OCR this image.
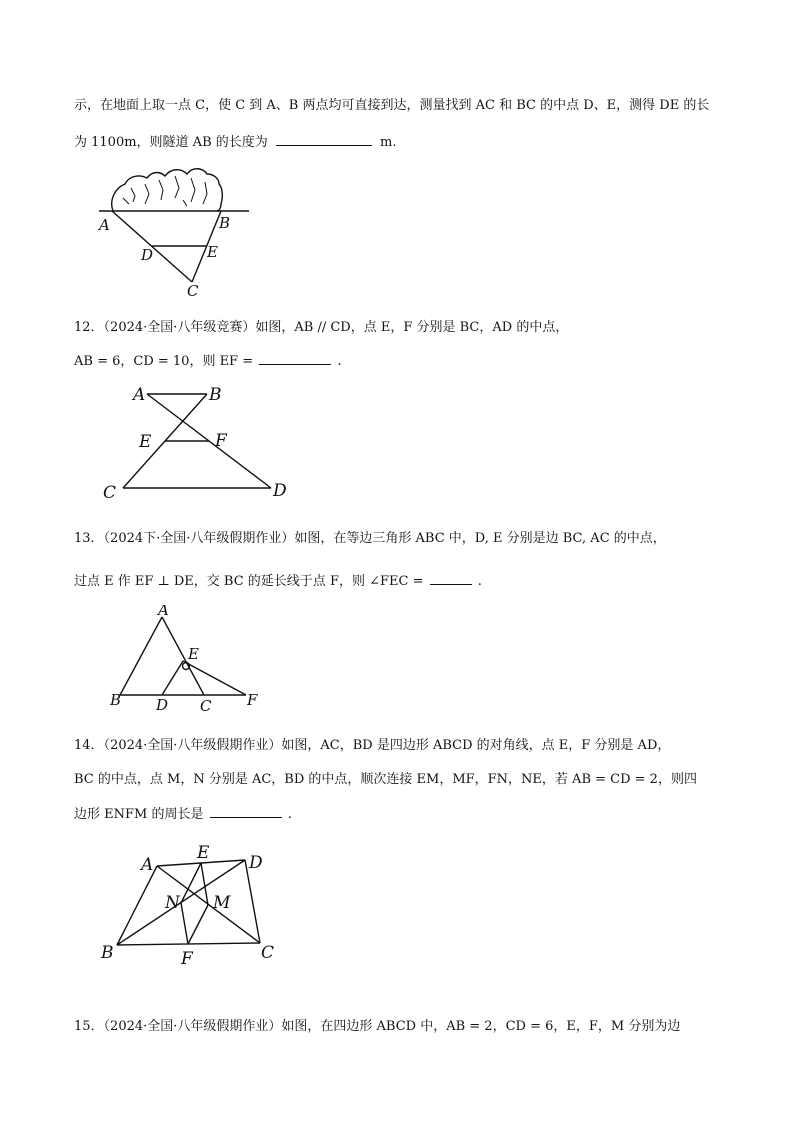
示，在地面上取一点 C，使 C 到 A、B 两点均可直接到达，测量找到 AC 和 BC 的中点 D、E，测得 DE 的长
为 1100m，则隧道 AB 的长度为	m.
A	B
D	E
C
12．（2024·全国·八年级竞赛）如图，AB // CD，点 E，F 分别是 BC，AD 的中点，
AB = 6，CD = 10，则 EF =	.
A	B
E	F
C	D
13．（2024下·全国·八年级假期作业）如图，在等边三角形 ABC 中，D, E 分别是边 BC, AC 的中点，
过点 E 作 EF ⊥ DE，交 BC 的延长线于点 F，则 ∠FEC =	.
A
E
B D C F
14．（2024·全国·八年级假期作业）如图，AC，BD 是四边形 ABCD 的对角线，点 E，F 分别是 AD，
BC 的中点，点 M，N 分别是 AC，BD 的中点，顺次连接 EM，MF，FN，NE，若 AB = CD = 2，则四
边形 ENFM 的周长是	.
A
E D
N M
B	F	C
15．（2024·全国·八年级假期作业）如图，在四边形 ABCD 中，AB = 2，CD = 6，E，F，M 分别为边
